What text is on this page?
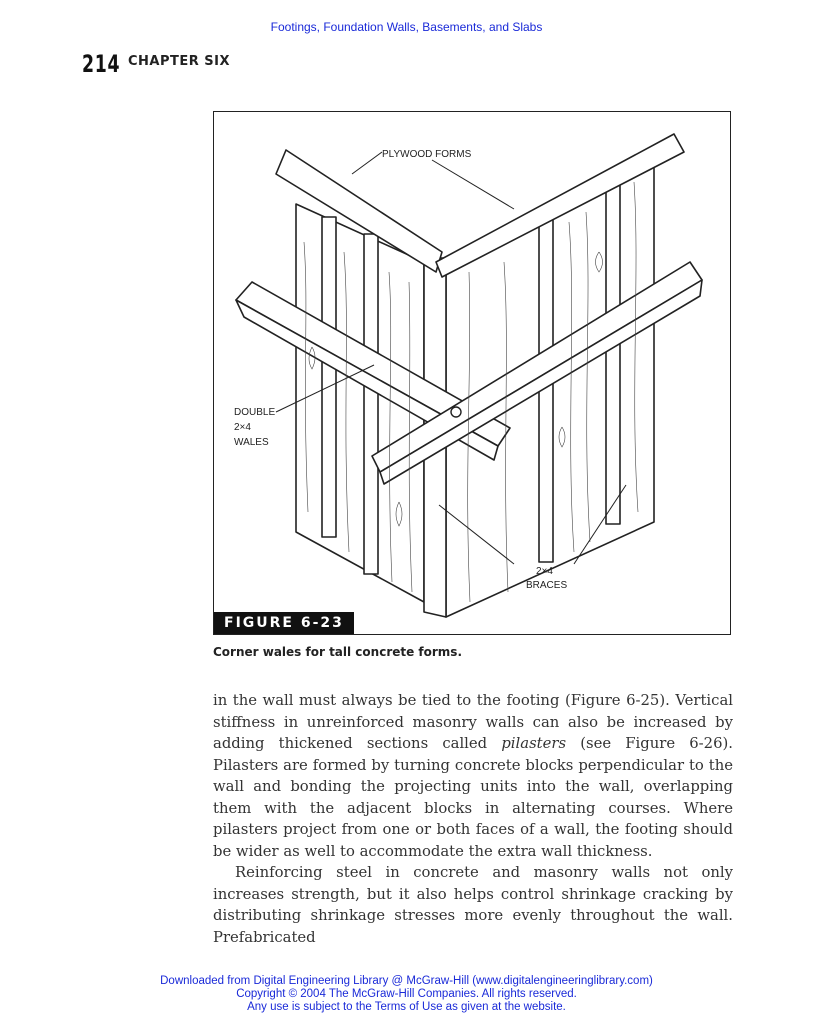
Footings, Foundation Walls, Basements, and Slabs
214 CHAPTER SIX
PLYWOOD FORMS
DOUBLE
2×4
WALES
2×4
BRACES
FIGURE 6-23
Corner wales for tall concrete forms.

in the wall must always be tied to the footing (Figure 6-25). Vertical stiffness in unreinforced masonry walls can also be increased by adding thickened sections called pilasters (see Figure 6-26). Pilasters are formed by turning concrete blocks perpendicular to the wall and bonding the projecting units into the wall, overlapping them with the adjacent blocks in alternating courses. Where pilasters project from one or both faces of a wall, the footing should be wider as well to accommodate the extra wall thickness.

Reinforcing steel in concrete and masonry walls not only increases strength, but it also helps control shrinkage cracking by distributing shrinkage stresses more evenly throughout the wall. Prefabricated

Downloaded from Digital Engineering Library @ McGraw-Hill (www.digitalengineeringlibrary.com)
Copyright © 2004 The McGraw-Hill Companies. All rights reserved.
Any use is subject to the Terms of Use as given at the website.
